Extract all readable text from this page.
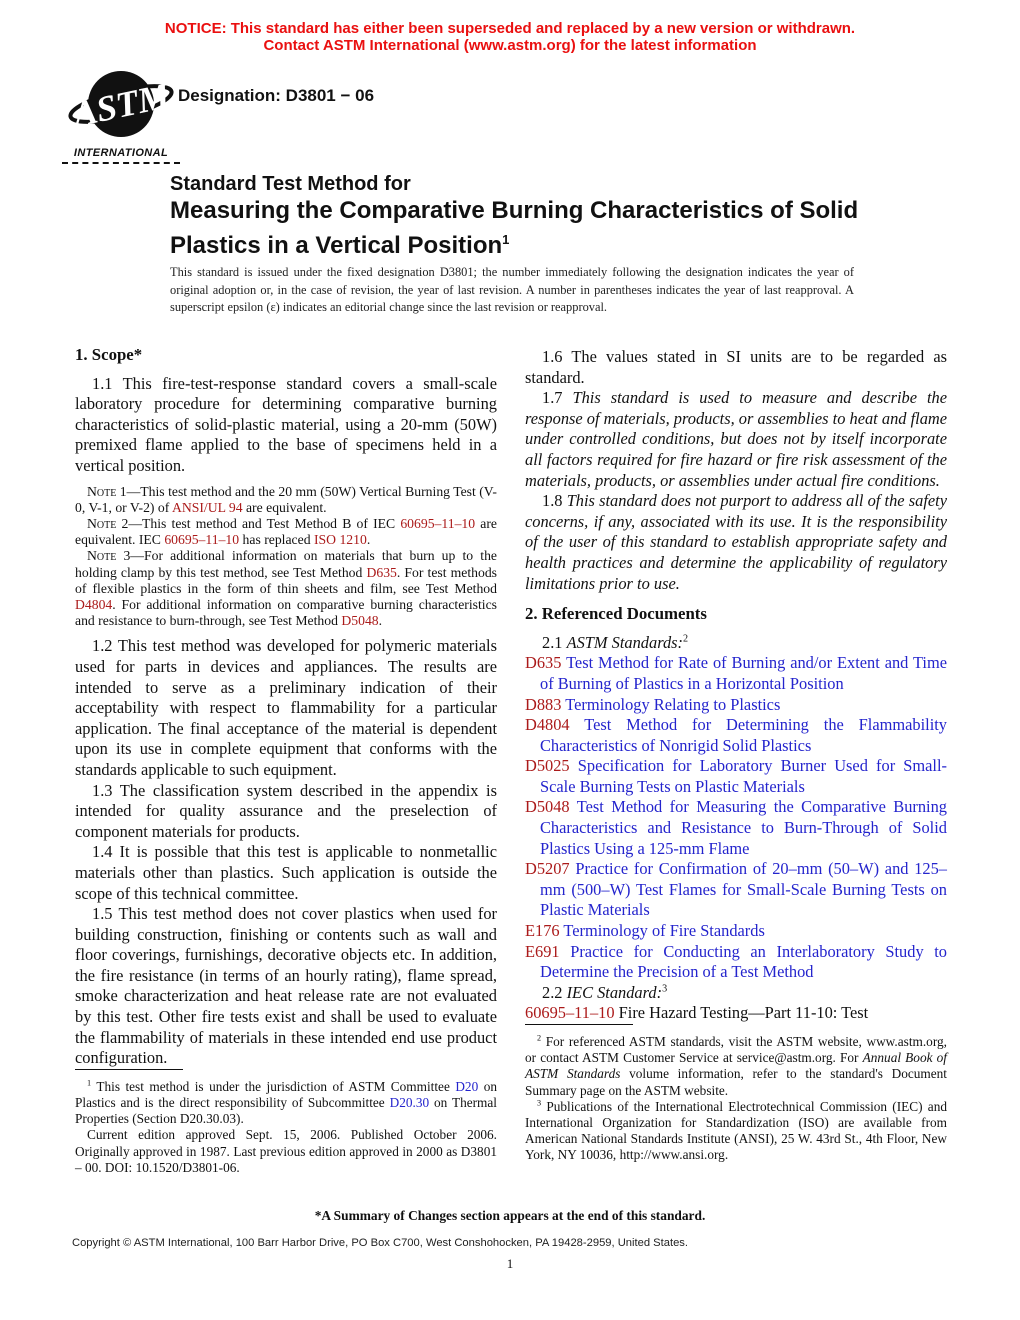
NOTICE: This standard has either been superseded and replaced by a new version or withdrawn.
Contact ASTM International (www.astm.org) for the latest information
ASTM
INTERNATIONAL
Designation: D3801 − 06
Standard Test Method for
Measuring the Comparative Burning Characteristics of Solid
Plastics in a Vertical Position$^1$
This standard is issued under the fixed designation D3801; the number immediately following the designation indicates the year of original adoption or, in the case of revision, the year of last revision. A number in parentheses indicates the year of last reapproval. A superscript epsilon (ε) indicates an editorial change since the last revision or reapproval.
1. Scope*

1.1 This fire-test-response standard covers a small-scale laboratory procedure for determining comparative burning characteristics of solid-plastic material, using a 20-mm (50W) premixed flame applied to the base of specimens held in a vertical position.

Note 1—This test method and the 20 mm (50W) Vertical Burning Test (V-0, V-1, or V-2) of ANSI/UL 94 are equivalent.

Note 2—This test method and Test Method B of IEC 60695–11–10 are equivalent. IEC 60695–11–10 has replaced ISO 1210.

Note 3—For additional information on materials that burn up to the holding clamp by this test method, see Test Method D635. For test methods of flexible plastics in the form of thin sheets and film, see Test Method D4804. For additional information on comparative burning characteristics and resistance to burn-through, see Test Method D5048.

1.2 This test method was developed for polymeric materials used for parts in devices and appliances. The results are intended to serve as a preliminary indication of their acceptability with respect to flammability for a particular application. The final acceptance of the material is dependent upon its use in complete equipment that conforms with the standards applicable to such equipment.

1.3 The classification system described in the appendix is intended for quality assurance and the preselection of component materials for products.

1.4 It is possible that this test is applicable to nonmetallic materials other than plastics. Such application is outside the scope of this technical committee.

1.5 This test method does not cover plastics when used for building construction, finishing or contents such as wall and floor coverings, furnishings, decorative objects etc. In addition, the fire resistance (in terms of an hourly rating), flame spread, smoke characterization and heat release rate are not evaluated by this test. Other fire tests exist and shall be used to evaluate the flammability of materials in these intended end use product configuration.

$^1$ This test method is under the jurisdiction of ASTM Committee D20 on Plastics and is the direct responsibility of Subcommittee D20.30 on Thermal Properties (Section D20.30.03).

Current edition approved Sept. 15, 2006. Published October 2006. Originally approved in 1987. Last previous edition approved in 2000 as D3801 – 00. DOI: 10.1520/D3801-06.

1.6 The values stated in SI units are to be regarded as standard.

1.7 This standard is used to measure and describe the response of materials, products, or assemblies to heat and flame under controlled conditions, but does not by itself incorporate all factors required for fire hazard or fire risk assessment of the materials, products, or assemblies under actual fire conditions.

1.8 This standard does not purport to address all of the safety concerns, if any, associated with its use. It is the responsibility of the user of this standard to establish appropriate safety and health practices and determine the applicability of regulatory limitations prior to use.

2. Referenced Documents

2.1 ASTM Standards:$^2$

D635 Test Method for Rate of Burning and/or Extent and Time of Burning of Plastics in a Horizontal Position

D883 Terminology Relating to Plastics

D4804 Test Method for Determining the Flammability Characteristics of Nonrigid Solid Plastics

D5025 Specification for Laboratory Burner Used for Small-Scale Burning Tests on Plastic Materials

D5048 Test Method for Measuring the Comparative Burning Characteristics and Resistance to Burn-Through of Solid Plastics Using a 125-mm Flame

D5207 Practice for Confirmation of 20–mm (50–W) and 125–mm (500–W) Test Flames for Small-Scale Burning Tests on Plastic Materials

E176 Terminology of Fire Standards

E691 Practice for Conducting an Interlaboratory Study to Determine the Precision of a Test Method

2.2 IEC Standard:$^3$

60695–11–10 Fire Hazard Testing—Part 11-10: Test

$^2$ For referenced ASTM standards, visit the ASTM website, www.astm.org, or contact ASTM Customer Service at service@astm.org. For Annual Book of ASTM Standards volume information, refer to the standard's Document Summary page on the ASTM website.

$^3$ Publications of the International Electrotechnical Commission (IEC) and International Organization for Standardization (ISO) are available from American National Standards Institute (ANSI), 25 W. 43rd St., 4th Floor, New York, NY 10036, http://www.ansi.org.

*A Summary of Changes section appears at the end of this standard.
Copyright © ASTM International, 100 Barr Harbor Drive, PO Box C700, West Conshohocken, PA 19428-2959, United States.
1
